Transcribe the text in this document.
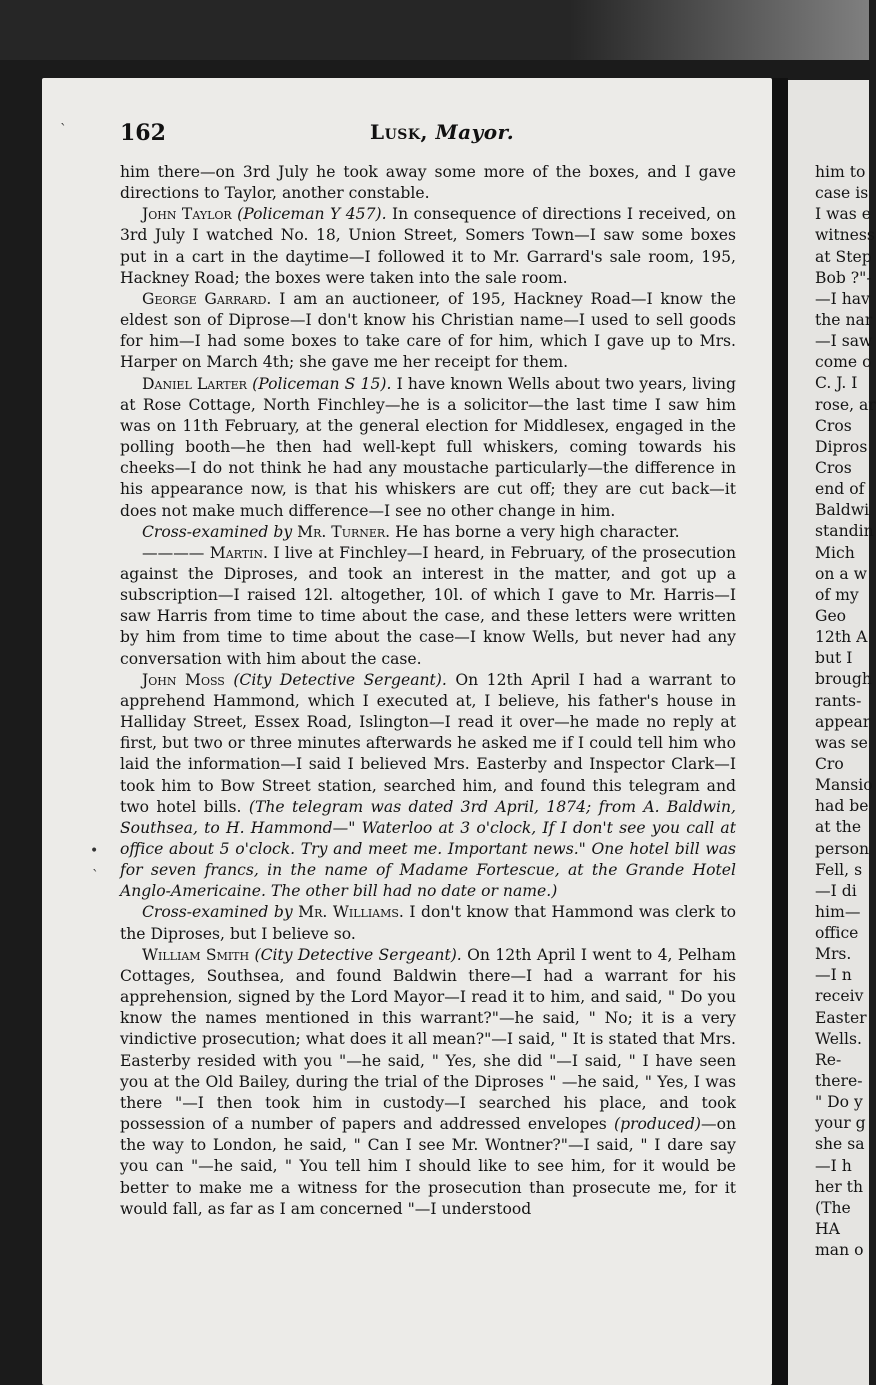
162	Lusk, Mayor.

him there—on 3rd July he took away some more of the boxes, and I gave directions to Taylor, another constable.

John Taylor (Policeman Y 457). In consequence of directions I received, on 3rd July I watched No. 18, Union Street, Somers Town—I saw some boxes put in a cart in the daytime—I followed it to Mr. Garrard's sale room, 195, Hackney Road; the boxes were taken into the sale room.

George Garrard. I am an auctioneer, of 195, Hackney Road—I know the eldest son of Diprose—I don't know his Christian name—I used to sell goods for him—I had some boxes to take care of for him, which I gave up to Mrs. Harper on March 4th; she gave me her receipt for them.

Daniel Larter (Policeman S 15). I have known Wells about two years, living at Rose Cottage, North Finchley—he is a solicitor—the last time I saw him was on 11th February, at the general election for Middlesex, engaged in the polling booth—he then had well-kept full whiskers, coming towards his cheeks—I do not think he had any moustache particularly—the difference in his appearance now, is that his whiskers are cut off; they are cut back—it does not make much difference—I see no other change in him.

Cross-examined by Mr. Turner. He has borne a very high character.

———— Martin. I live at Finchley—I heard, in February, of the prosecution against the Diproses, and took an interest in the matter, and got up a subscription—I raised 12l. altogether, 10l. of which I gave to Mr. Harris—I saw Harris from time to time about the case, and these letters were written by him from time to time about the case—I know Wells, but never had any conversation with him about the case.

John Moss (City Detective Sergeant). On 12th April I had a warrant to apprehend Hammond, which I executed at, I believe, his father's house in Halliday Street, Essex Road, Islington—I read it over—he made no reply at first, but two or three minutes afterwards he asked me if I could tell him who laid the information—I said I believed Mrs. Easterby and Inspector Clark—I took him to Bow Street station, searched him, and found this telegram and two hotel bills. (The telegram was dated 3rd April, 1874; from A. Baldwin, Southsea, to H. Hammond—" Waterloo at 3 o'clock, If I don't see you call at office about 5 o'clock. Try and meet me. Important news." One hotel bill was for seven francs, in the name of Madame Fortescue, at the Grande Hotel Anglo-Americaine. The other bill had no date or name.)

Cross-examined by Mr. Williams. I don't know that Hammond was clerk to the Diproses, but I believe so.

William Smith (City Detective Sergeant). On 12th April I went to 4, Pelham Cottages, Southsea, and found Baldwin there—I had a warrant for his apprehension, signed by the Lord Mayor—I read it to him, and said, " Do you know the names mentioned in this warrant?"—he said, " No; it is a very vindictive prosecution; what does it all mean?"—I said, " It is stated that Mrs. Easterby resided with you "—he said, " Yes, she did "—I said, " I have seen you at the Old Bailey, during the trial of the Diproses " —he said, " Yes, I was there "—I then took him in custody—I searched his place, and took possession of a number of papers and addressed envelopes (produced)—on the way to London, he said, " Can I see Mr. Wontner?"—I said, " I dare say you can "—he said, " You tell him I should like to see him, for it would be better to make me a witness for the prosecution than prosecute me, for it would fall, as far as I am concerned "—I understood

him to
case is
I was e
witness
at Step
Bob ?"-
—I hav
the nar
—I saw
come o
C. J. I
rose, ar
Cros
Dipros
Cros
end of
Baldwi
standin
Mich
on a w
of my
Geo
12th A
but I
brough
rants-
appear
was se
Cro
Mansio
had be
at the
person
Fell, s
—I di
him—
office
Mrs.
—I n
receiv
Easter
Wells.
Re-
there-
" Do y
your g
she sa
—I h
her th
(The
HA
man o
`
•
`
